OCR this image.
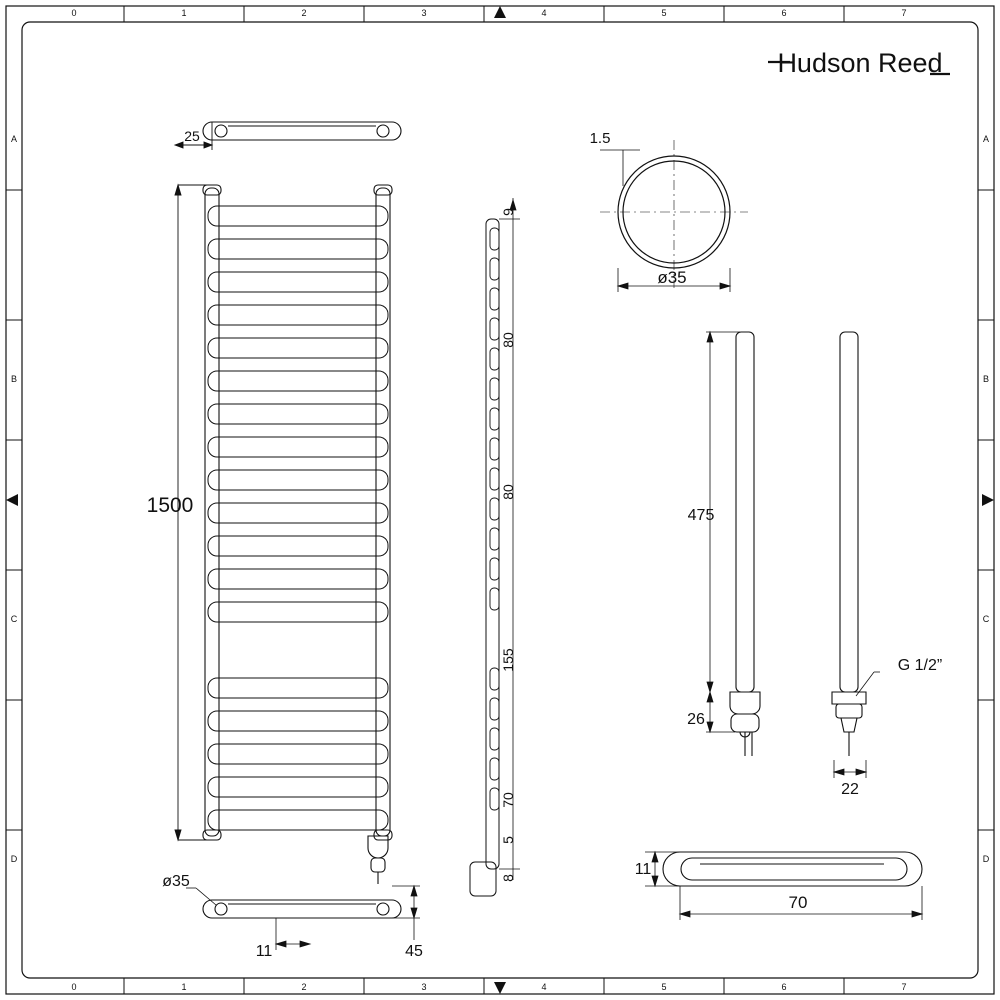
0	1	2	3	4	5	6	7
0	1	2	3	4	5	6	7
A
B
C
D
A
B
C
D
Hudson Reed
25
1500
9
80
80
155
70
5
8
1.5
ø35
475
26
G 1/2”
22
11
70
ø35
11	45
